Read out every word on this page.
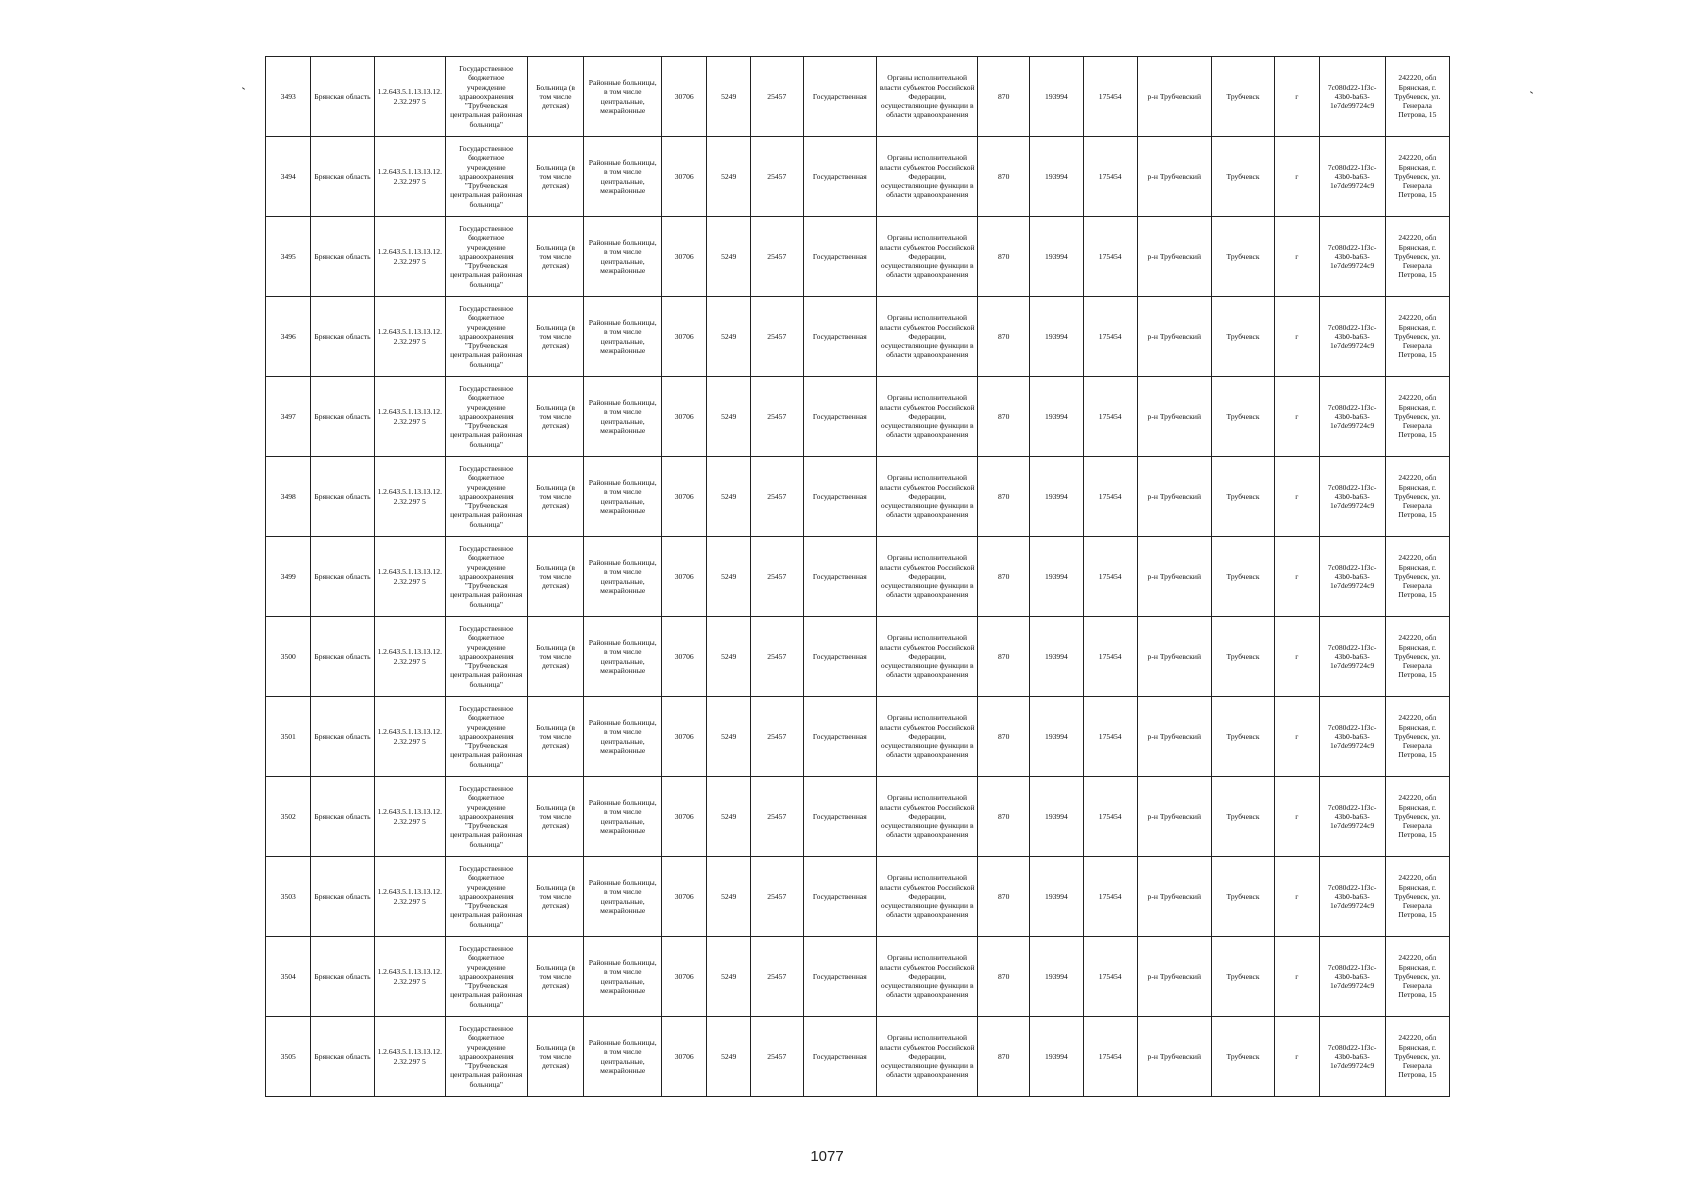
3493	Брянская область	1.2.643.5.1.13.13.12.2.32.297 5	Государственное бюджетное учреждение здравоохранения "Трубчевская центральная районная больница"	Больница (в том числе детская)	Районные больницы, в том числе центральные, межрайонные	30706	5249	25457	Государственная	Органы исполнительной власти субъектов Российской Федерации, осуществляющие функции в области здравоохранения	870	193994	175454	р-н Трубчевский	Трубчевск	г	7c080d22-1f3c-43b0-ba63-1e7de99724c9	242220, обл Брянская, г. Трубчевск, ул. Генерала Петрова, 15
3494	Брянская область	1.2.643.5.1.13.13.12.2.32.297 5	Государственное бюджетное учреждение здравоохранения "Трубчевская центральная районная больница"	Больница (в том числе детская)	Районные больницы, в том числе центральные, межрайонные	30706	5249	25457	Государственная	Органы исполнительной власти субъектов Российской Федерации, осуществляющие функции в области здравоохранения	870	193994	175454	р-н Трубчевский	Трубчевск	г	7c080d22-1f3c-43b0-ba63-1e7de99724c9	242220, обл Брянская, г. Трубчевск, ул. Генерала Петрова, 15
3495	Брянская область	1.2.643.5.1.13.13.12.2.32.297 5	Государственное бюджетное учреждение здравоохранения "Трубчевская центральная районная больница"	Больница (в том числе детская)	Районные больницы, в том числе центральные, межрайонные	30706	5249	25457	Государственная	Органы исполнительной власти субъектов Российской Федерации, осуществляющие функции в области здравоохранения	870	193994	175454	р-н Трубчевский	Трубчевск	г	7c080d22-1f3c-43b0-ba63-1e7de99724c9	242220, обл Брянская, г. Трубчевск, ул. Генерала Петрова, 15
3496	Брянская область	1.2.643.5.1.13.13.12.2.32.297 5	Государственное бюджетное учреждение здравоохранения "Трубчевская центральная районная больница"	Больница (в том числе детская)	Районные больницы, в том числе центральные, межрайонные	30706	5249	25457	Государственная	Органы исполнительной власти субъектов Российской Федерации, осуществляющие функции в области здравоохранения	870	193994	175454	р-н Трубчевский	Трубчевск	г	7c080d22-1f3c-43b0-ba63-1e7de99724c9	242220, обл Брянская, г. Трубчевск, ул. Генерала Петрова, 15
3497	Брянская область	1.2.643.5.1.13.13.12.2.32.297 5	Государственное бюджетное учреждение здравоохранения "Трубчевская центральная районная больница"	Больница (в том числе детская)	Районные больницы, в том числе центральные, межрайонные	30706	5249	25457	Государственная	Органы исполнительной власти субъектов Российской Федерации, осуществляющие функции в области здравоохранения	870	193994	175454	р-н Трубчевский	Трубчевск	г	7c080d22-1f3c-43b0-ba63-1e7de99724c9	242220, обл Брянская, г. Трубчевск, ул. Генерала Петрова, 15
3498	Брянская область	1.2.643.5.1.13.13.12.2.32.297 5	Государственное бюджетное учреждение здравоохранения "Трубчевская центральная районная больница"	Больница (в том числе детская)	Районные больницы, в том числе центральные, межрайонные	30706	5249	25457	Государственная	Органы исполнительной власти субъектов Российской Федерации, осуществляющие функции в области здравоохранения	870	193994	175454	р-н Трубчевский	Трубчевск	г	7c080d22-1f3c-43b0-ba63-1e7de99724c9	242220, обл Брянская, г. Трубчевск, ул. Генерала Петрова, 15
3499	Брянская область	1.2.643.5.1.13.13.12.2.32.297 5	Государственное бюджетное учреждение здравоохранения "Трубчевская центральная районная больница"	Больница (в том числе детская)	Районные больницы, в том числе центральные, межрайонные	30706	5249	25457	Государственная	Органы исполнительной власти субъектов Российской Федерации, осуществляющие функции в области здравоохранения	870	193994	175454	р-н Трубчевский	Трубчевск	г	7c080d22-1f3c-43b0-ba63-1e7de99724c9	242220, обл Брянская, г. Трубчевск, ул. Генерала Петрова, 15
3500	Брянская область	1.2.643.5.1.13.13.12.2.32.297 5	Государственное бюджетное учреждение здравоохранения "Трубчевская центральная районная больница"	Больница (в том числе детская)	Районные больницы, в том числе центральные, межрайонные	30706	5249	25457	Государственная	Органы исполнительной власти субъектов Российской Федерации, осуществляющие функции в области здравоохранения	870	193994	175454	р-н Трубчевский	Трубчевск	г	7c080d22-1f3c-43b0-ba63-1e7de99724c9	242220, обл Брянская, г. Трубчевск, ул. Генерала Петрова, 15
3501	Брянская область	1.2.643.5.1.13.13.12.2.32.297 5	Государственное бюджетное учреждение здравоохранения "Трубчевская центральная районная больница"	Больница (в том числе детская)	Районные больницы, в том числе центральные, межрайонные	30706	5249	25457	Государственная	Органы исполнительной власти субъектов Российской Федерации, осуществляющие функции в области здравоохранения	870	193994	175454	р-н Трубчевский	Трубчевск	г	7c080d22-1f3c-43b0-ba63-1e7de99724c9	242220, обл Брянская, г. Трубчевск, ул. Генерала Петрова, 15
3502	Брянская область	1.2.643.5.1.13.13.12.2.32.297 5	Государственное бюджетное учреждение здравоохранения "Трубчевская центральная районная больница"	Больница (в том числе детская)	Районные больницы, в том числе центральные, межрайонные	30706	5249	25457	Государственная	Органы исполнительной власти субъектов Российской Федерации, осуществляющие функции в области здравоохранения	870	193994	175454	р-н Трубчевский	Трубчевск	г	7c080d22-1f3c-43b0-ba63-1e7de99724c9	242220, обл Брянская, г. Трубчевск, ул. Генерала Петрова, 15
3503	Брянская область	1.2.643.5.1.13.13.12.2.32.297 5	Государственное бюджетное учреждение здравоохранения "Трубчевская центральная районная больница"	Больница (в том числе детская)	Районные больницы, в том числе центральные, межрайонные	30706	5249	25457	Государственная	Органы исполнительной власти субъектов Российской Федерации, осуществляющие функции в области здравоохранения	870	193994	175454	р-н Трубчевский	Трубчевск	г	7c080d22-1f3c-43b0-ba63-1e7de99724c9	242220, обл Брянская, г. Трубчевск, ул. Генерала Петрова, 15
3504	Брянская область	1.2.643.5.1.13.13.12.2.32.297 5	Государственное бюджетное учреждение здравоохранения "Трубчевская центральная районная больница"	Больница (в том числе детская)	Районные больницы, в том числе центральные, межрайонные	30706	5249	25457	Государственная	Органы исполнительной власти субъектов Российской Федерации, осуществляющие функции в области здравоохранения	870	193994	175454	р-н Трубчевский	Трубчевск	г	7c080d22-1f3c-43b0-ba63-1e7de99724c9	242220, обл Брянская, г. Трубчевск, ул. Генерала Петрова, 15
3505	Брянская область	1.2.643.5.1.13.13.12.2.32.297 5	Государственное бюджетное учреждение здравоохранения "Трубчевская центральная районная больница"	Больница (в том числе детская)	Районные больницы, в том числе центральные, межрайонные	30706	5249	25457	Государственная	Органы исполнительной власти субъектов Российской Федерации, осуществляющие функции в области здравоохранения	870	193994	175454	р-н Трубчевский	Трубчевск	г	7c080d22-1f3c-43b0-ba63-1e7de99724c9	242220, обл Брянская, г. Трубчевск, ул. Генерала Петрова, 15
1077
